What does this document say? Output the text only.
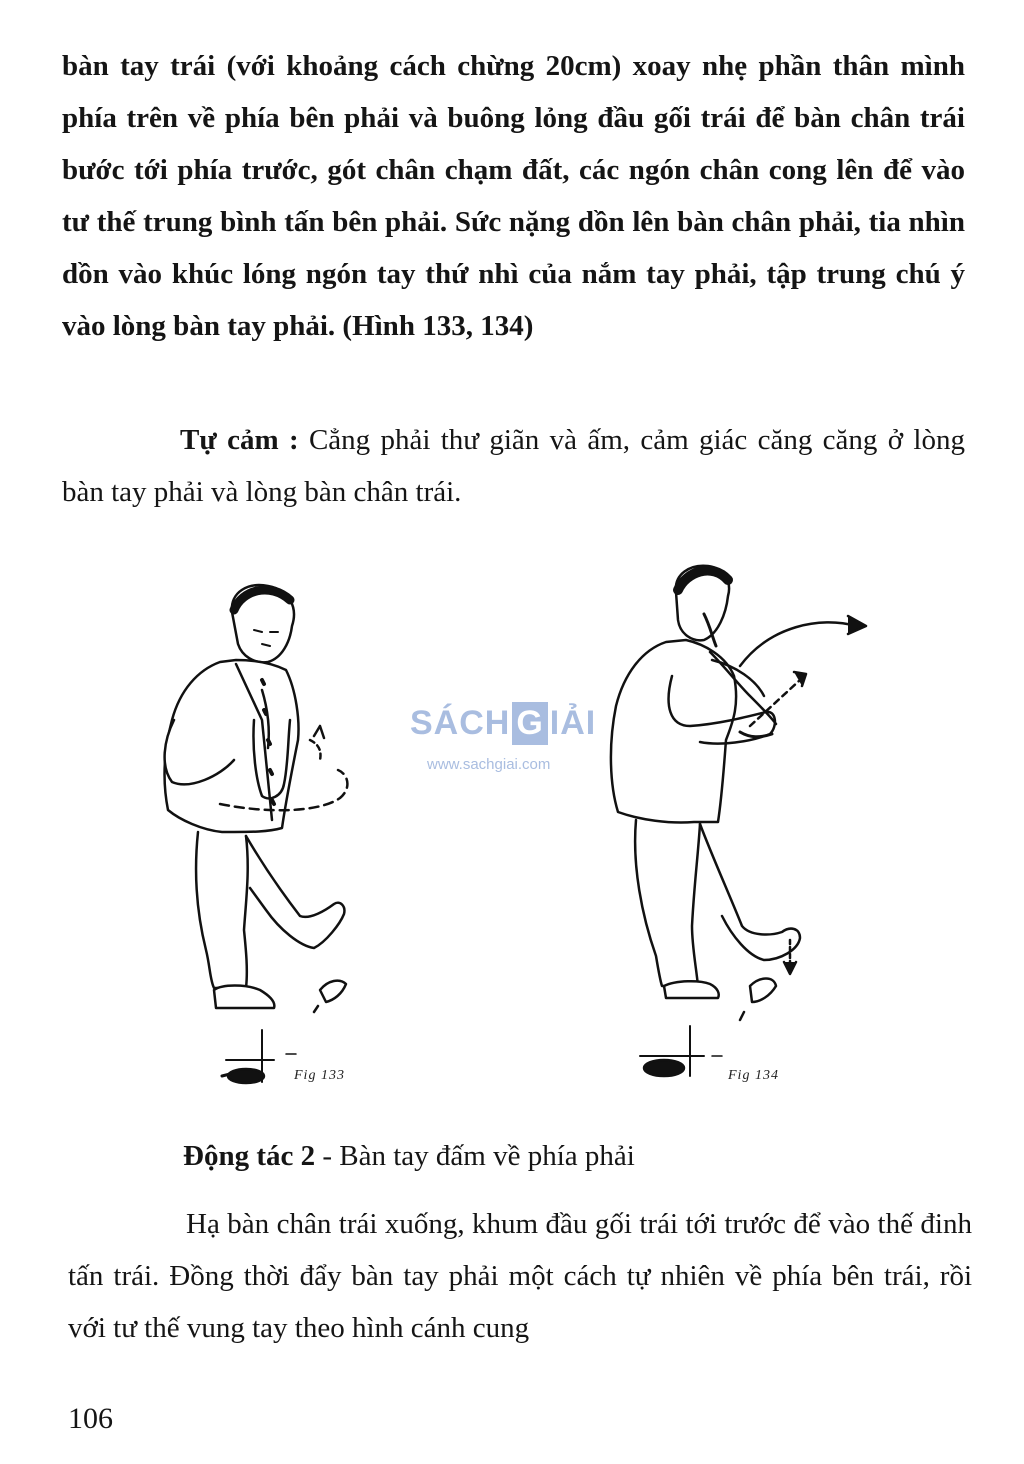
bàn tay trái (với khoảng cách chừng 20cm) xoay nhẹ phần thân mình phía trên về phía bên phải và buông lỏng đầu gối trái để bàn chân trái bước tới phía trước, gót chân chạm đất, các ngón chân cong lên để vào tư thế trung bình tấn bên phải. Sức nặng dồn lên bàn chân phải, tia nhìn dồn vào khúc lóng ngón tay thứ nhì của nắm tay phải, tập trung chú ý vào lòng bàn tay phải. (Hình 133, 134)

Tự cảm : Cẳng phải thư giãn và ấm, cảm giác căng căng ở lòng bàn tay phải và lòng bàn chân trái.

Fig 133	Fig 134
SÁCH G IẢI
www.sachgiai.com

Động tác 2 - Bàn tay đấm về phía phải

Hạ bàn chân trái xuống, khum đầu gối trái tới trước để vào thế đinh tấn trái. Đồng thời đẩy bàn tay phải một cách tự nhiên về phía bên trái, rồi với tư thế vung tay theo hình cánh cung

106
